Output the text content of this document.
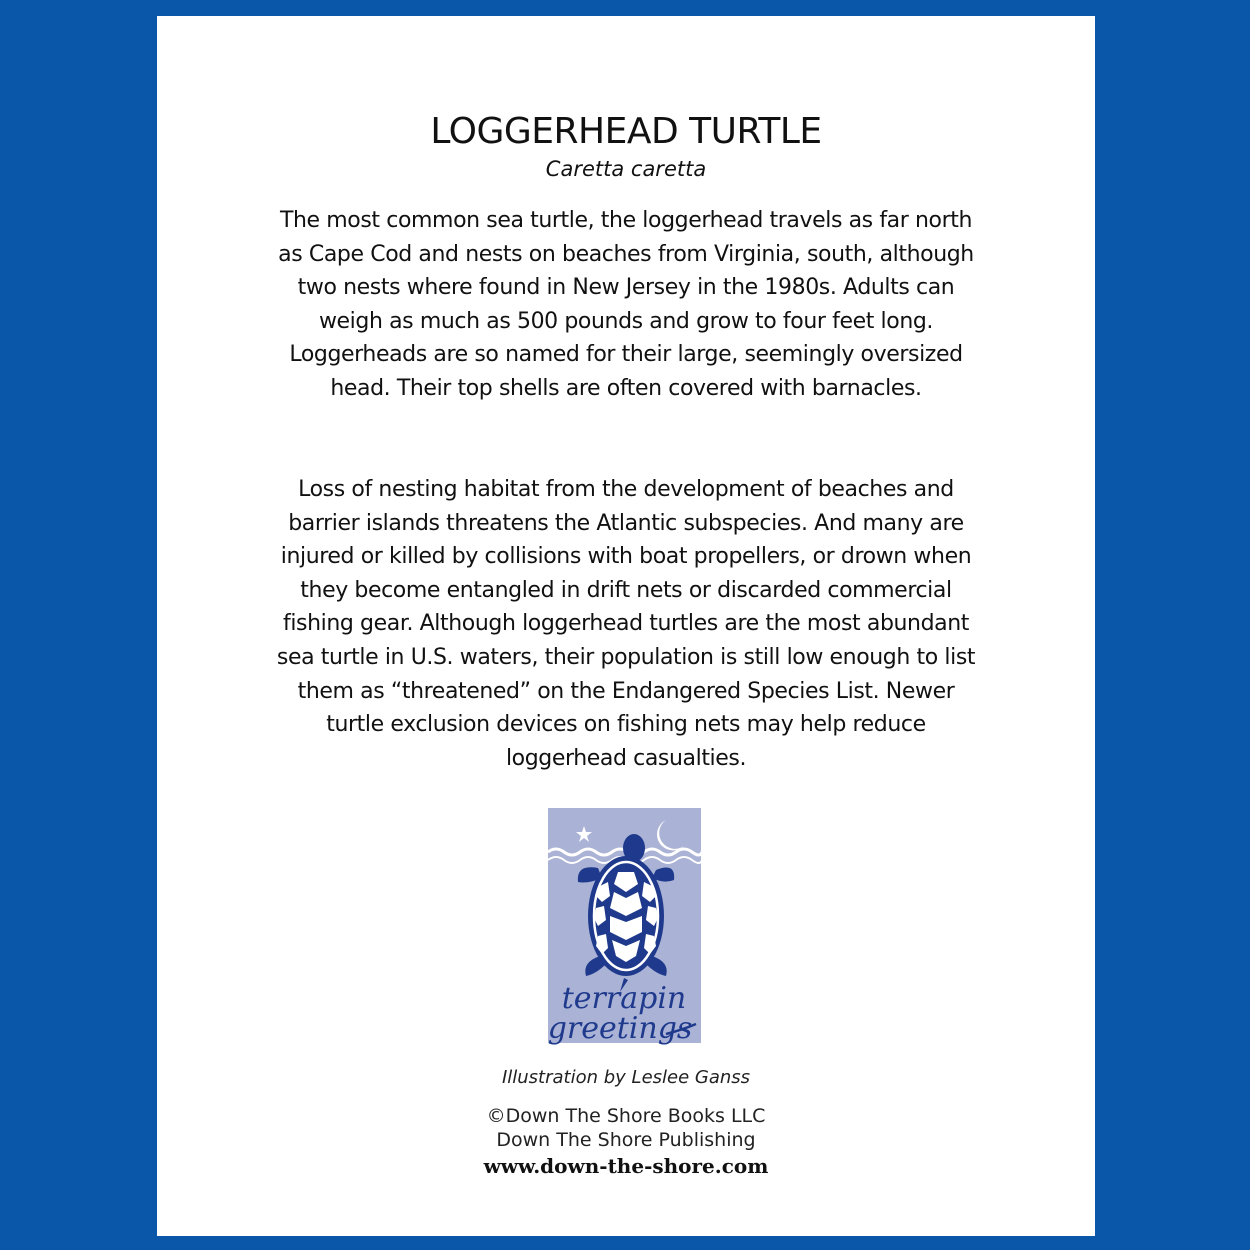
LOGGERHEAD TURTLE

Caretta caretta

The most common sea turtle, the loggerhead travels as far north as Cape Cod and nests on beaches from Virginia, south, although two nests where found in New Jersey in the 1980s. Adults can weigh as much as 500 pounds and grow to four feet long. Loggerheads are so named for their large, seemingly oversized head. Their top shells are often covered with barnacles.

Loss of nesting habitat from the development of beaches and barrier islands threatens the Atlantic subspecies. And many are injured or killed by collisions with boat propellers, or drown when they become entangled in drift nets or discarded commercial fishing gear. Although loggerhead turtles are the most abundant sea turtle in U.S. waters, their population is still low enough to list them as “threatened” on the Endangered Species List. Newer turtle exclusion devices on fishing nets may help reduce loggerhead casualties.

terrapin
greetings

Illustration by Leslee Ganss

©Down The Shore Books LLC

Down The Shore Publishing

www.down-the-shore.com
